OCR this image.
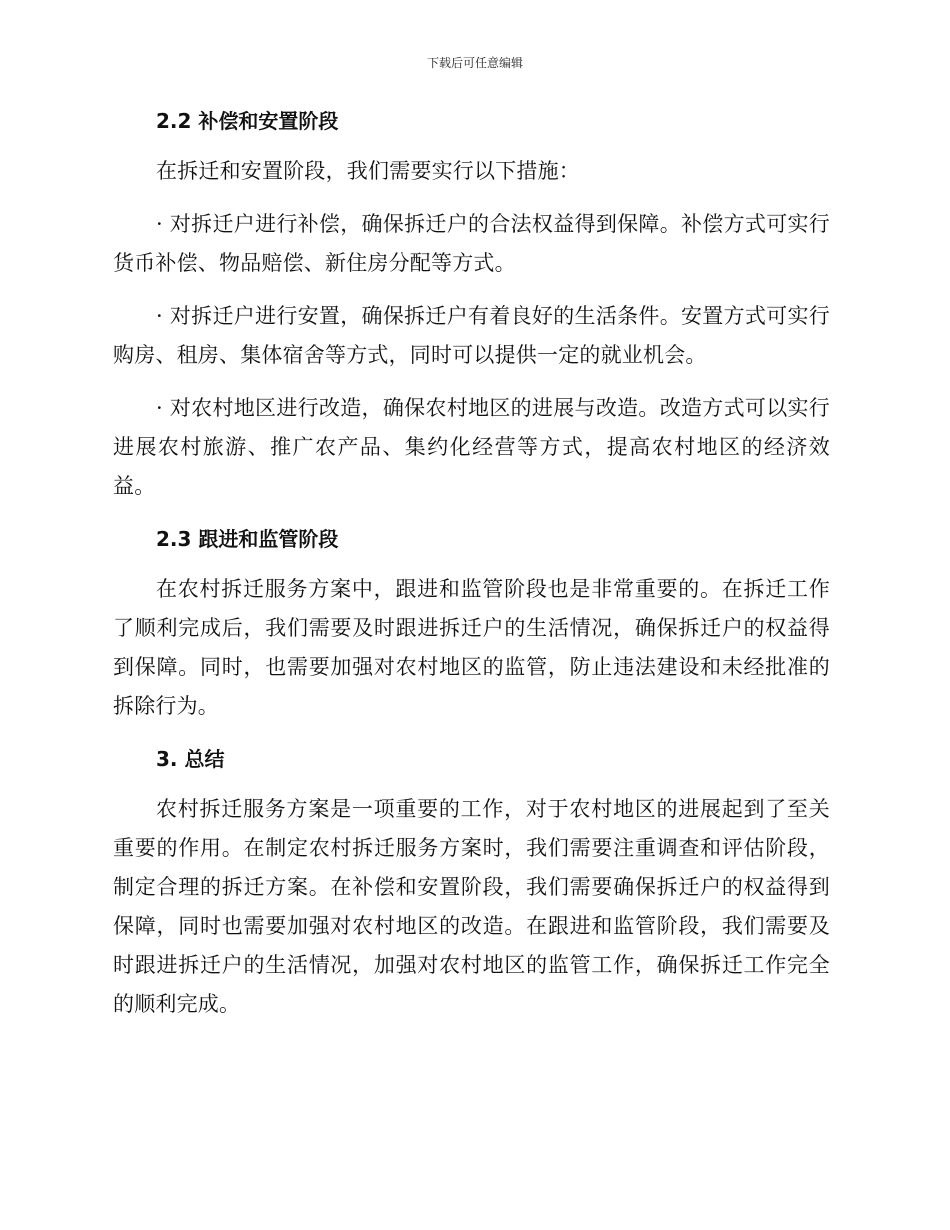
下载后可任意编辑
2.2 补偿和安置阶段

在拆迁和安置阶段，我们需要实行以下措施：

· 对拆迁户进行补偿，确保拆迁户的合法权益得到保障。补偿方式可实行货币补偿、物品赔偿、新住房分配等方式。

· 对拆迁户进行安置，确保拆迁户有着良好的生活条件。安置方式可实行购房、租房、集体宿舍等方式，同时可以提供一定的就业机会。

· 对农村地区进行改造，确保农村地区的进展与改造。改造方式可以实行进展农村旅游、推广农产品、集约化经营等方式，提高农村地区的经济效益。

2.3 跟进和监管阶段

在农村拆迁服务方案中，跟进和监管阶段也是非常重要的。在拆迁工作了顺利完成后，我们需要及时跟进拆迁户的生活情况，确保拆迁户的权益得到保障。同时，也需要加强对农村地区的监管，防止违法建设和未经批准的拆除行为。

3. 总结

农村拆迁服务方案是一项重要的工作，对于农村地区的进展起到了至关重要的作用。在制定农村拆迁服务方案时，我们需要注重调查和评估阶段，制定合理的拆迁方案。在补偿和安置阶段，我们需要确保拆迁户的权益得到保障，同时也需要加强对农村地区的改造。在跟进和监管阶段，我们需要及时跟进拆迁户的生活情况，加强对农村地区的监管工作，确保拆迁工作完全的顺利完成。
